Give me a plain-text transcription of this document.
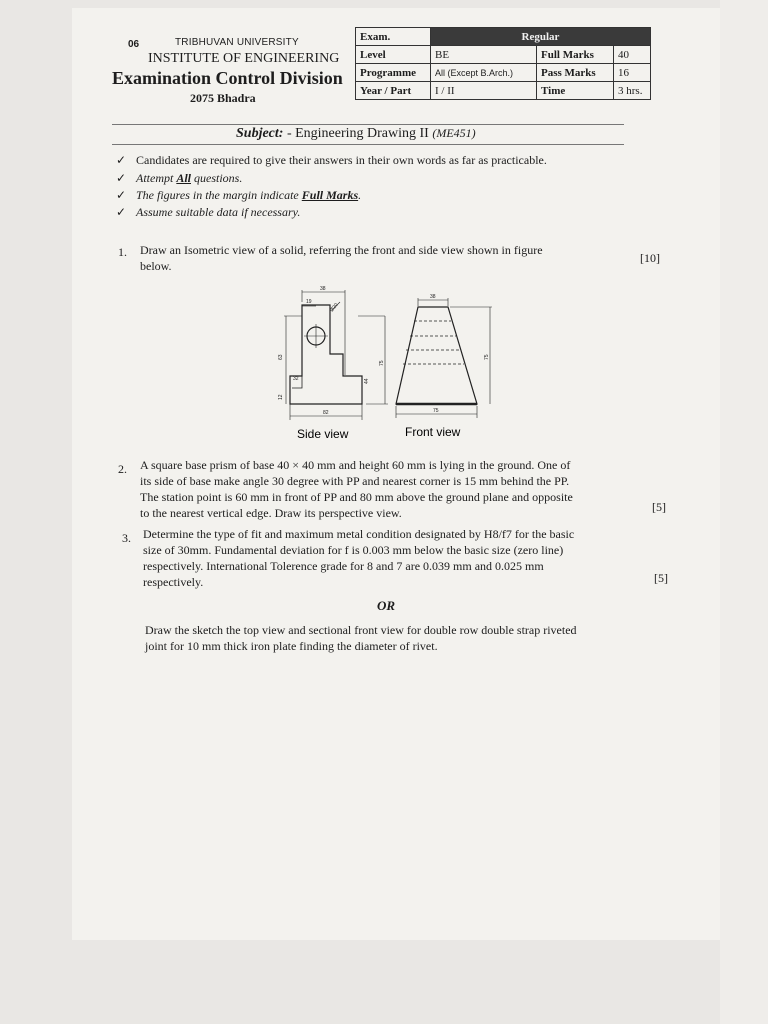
06	TRIBHUVAN UNIVERSITY
INSTITUTE OF ENGINEERING
Examination Control Division
2075 Bhadra
Exam.	Regular		
Level	BE	Full Marks	40
Programme	All (Except B.Arch.)	Pass Marks	16
Year / Part	I / II	Time	3 hrs.
Subject: - Engineering Drawing II (ME451)
✓ Candidates are required to give their answers in their own words as far as practicable.
✓ Attempt All questions.
✓ The figures in the margin indicate Full Marks.
✓ Assume suitable data if necessary.
1. Draw an Isometric view of a solid, referring the front and side view shown in figure
below.
[10]
38
19
Ø20
63
75
32
12
44
82
38
75
75
Side view	Front view
2. A square base prism of base 40 × 40 mm and height 60 mm is lying in the ground. One of
its side of base make angle 30 degree with PP and nearest corner is 15 mm behind the PP.
The station point is 60 mm in front of PP and 80 mm above the ground plane and opposite
to the nearest vertical edge. Draw its perspective view.	[5]
3. Determine the type of fit and maximum metal condition designated by H8/f7 for the basic
size of 30mm. Fundamental deviation for f is 0.003 mm below the basic size (zero line)
respectively. International Tolerence grade for 8 and 7 are 0.039 mm and 0.025 mm
respectively.	[5]
OR
Draw the sketch the top view and sectional front view for double row double strap riveted
joint for 10 mm thick iron plate finding the diameter of rivet.
